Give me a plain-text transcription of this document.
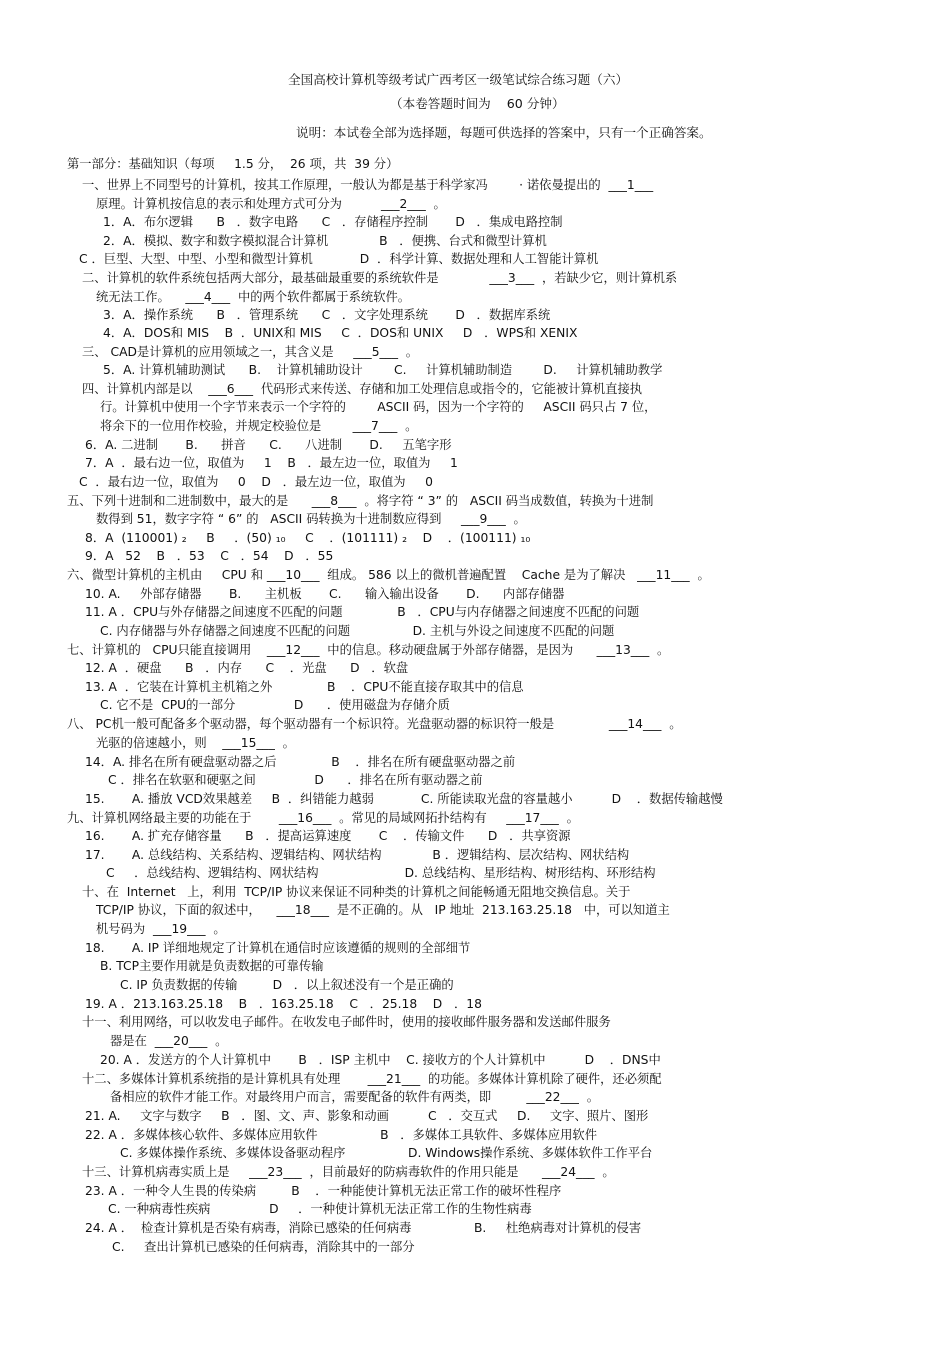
全国高校计算机等级考试广西考区一级笔试综合练习题（六）
（本卷答题时间为    60 分钟）
说明：本试卷全部为选择题，每题可供选择的答案中，只有一个正确答案。
第一部分：基础知识（每项     1.5 分，  26 项，共  39 分）
一、世界上不同型号的计算机，按其工作原理，一般认为都是基于科学家冯        · 诺依曼提出的  ___1___
原理。计算机按信息的表示和处理方式可分为          ___2___  。
1．A．布尔逻辑      B   ．数字电路      C   ．存储程序控制       D   ．集成电路控制
2．A．模拟、数字和数字模拟混合计算机             B   ．便携、台式和微型计算机
C ．巨型、大型、中型、小型和微型计算机            D  ．科学计算、数据处理和人工智能计算机
二、计算机的软件系统包括两大部分，最基础最重要的系统软件是             ___3___  ，若缺少它，则计算机系
统无法工作。    ___4___  中的两个软件都属于系统软件。
3．A．操作系统      B   ．管理系统      C   ．文字处理系统       D   ．数据库系统
4．A．DOS和 MIS    B  ．UNIX和 MIS     C  ．DOS和 UNIX     D   ．WPS和 XENIX
三、 CAD是计算机的应用领域之一，其含义是     ___5___  。
5．A. 计算机辅助测试      B.    计算机辅助设计        C.     计算机辅助制造        D.     计算机辅助教学
四、计算机内部是以    ___6___  代码形式来传送、存储和加工处理信息或指令的，它能被计算机直接执
行。计算机中使用一个字节来表示一个字符的        ASCII 码，因为一个字符的     ASCII 码只占 7 位，
将余下的一位用作校验，并规定校验位是        ___7___  。
6．A. 二进制       B.      拼音      C.      八进制       D.     五笔字形
7．A  ．最右边一位，取值为     1    B   ．最左边一位，取值为     1
C  ．最右边一位，取值为     0    D   ．最左边一位，取值为     0
五、下列十进制和二进制数中，最大的是      ___8___  。将字符 “ 3” 的   ASCII 码当成数值，转换为十进制
数得到 51，数字字符 “ 6” 的   ASCII 码转换为十进制数应得到     ___9___  。
8．A  (110001) ₂     B     ．(50) ₁₀     C    ．(101111) ₂    D    ．(100111) ₁₀
9．A   52    B   ．53    C   ．54    D   ．55
六、微型计算机的主机由     CPU 和 ___10___  组成。 586 以上的微机普遍配置    Cache 是为了解决   ___11___  。
10. A.     外部存储器       B.      主机板       C.      输入输出设备       D.      内部存储器
11. A ．CPU与外存储器之间速度不匹配的问题              B   ．CPU与内存储器之间速度不匹配的问题
C. 内存储器与外存储器之间速度不匹配的问题                D. 主机与外设之间速度不匹配的问题
七、计算机的   CPU只能直接调用    ___12___  中的信息。移动硬盘属于外部存储器，是因为      ___13___  。
12. A  ．硬盘      B   ．内存      C    ．光盘      D   ．软盘
13. A  ．它装在计算机主机箱之外              B    ．CPU不能直接存取其中的信息
C. 它不是  CPU的一部分               D      ．使用磁盘为存储介质
八、 PC机一般可配备多个驱动器，每个驱动器有一个标识符。光盘驱动器的标识符一般是              ___14___  。
光驱的倍速越小，则    ___15___  。
14．A. 排名在所有硬盘驱动器之后              B    ．排名在所有硬盘驱动器之前
C ．排名在软驱和硬驱之间               D      ．排名在所有驱动器之前
15.       A. 播放 VCD效果越差     B  ．纠错能力越弱            C. 所能读取光盘的容量越小          D    ．数据传输越慢
九、计算机网络最主要的功能在于       ___16___  。常见的局域网拓扑结构有     ___17___  。
16.       A. 扩充存储容量      B   ．提高运算速度       C    ．传输文件      D   ．共享资源
17.       A. 总线结构、关系结构、逻辑结构、网状结构             B ．逻辑结构、层次结构、网状结构
C     ．总线结构、逻辑结构、网状结构                      D. 总线结构、星形结构、树形结构、环形结构
十、在  Internet   上，利用  TCP/IP 协议来保证不同种类的计算机之间能畅通无阻地交换信息。关于
TCP/IP 协议，下面的叙述中，    ___18___  是不正确的。从   IP 地址  213.163.25.18   中，可以知道主
机号码为  ___19___  。
18.       A. IP 详细地规定了计算机在通信时应该遵循的规则的全部细节
B. TCP主要作用就是负责数据的可靠传输
C. IP 负责数据的传输         D   ．以上叙述没有一个是正确的
19. A ．213.163.25.18    B   ．163.25.18    C   ．25.18    D   ．18
十一、利用网络，可以收发电子邮件。在收发电子邮件时，使用的接收邮件服务器和发送邮件服务
器是在  ___20___  。
20. A ．发送方的个人计算机中       B   ．ISP 主机中    C. 接收方的个人计算机中          D    ．DNS中
十二、多媒体计算机系统指的是计算机具有处理       ___21___  的功能。多媒体计算机除了硬件，还必须配
备相应的软件才能工作。对最终用户而言，需要配备的软件有两类，即         ___22___  。
21. A.     文字与数字     B   ．图、文、声、影象和动画          C   ．交互式     D.     文字、照片、图形
22. A ．多媒体核心软件、多媒体应用软件                B   ．多媒体工具软件、多媒体应用软件
C. 多媒体操作系统、多媒体设备驱动程序                D. Windows操作系统、多媒体软件工作平台
十三、计算机病毒实质上是     ___23___  ，目前最好的防病毒软件的作用只能是      ___24___  。
23. A ．一种令人生畏的传染病         B    ．一种能使计算机无法正常工作的破坏性程序
C. 一种病毒性疾病               D     ．一种使计算机无法正常工作的生物性病毒
24. A ．  检查计算机是否染有病毒，消除已感染的任何病毒                B.     杜绝病毒对计算机的侵害
C.     查出计算机已感染的任何病毒，消除其中的一部分
